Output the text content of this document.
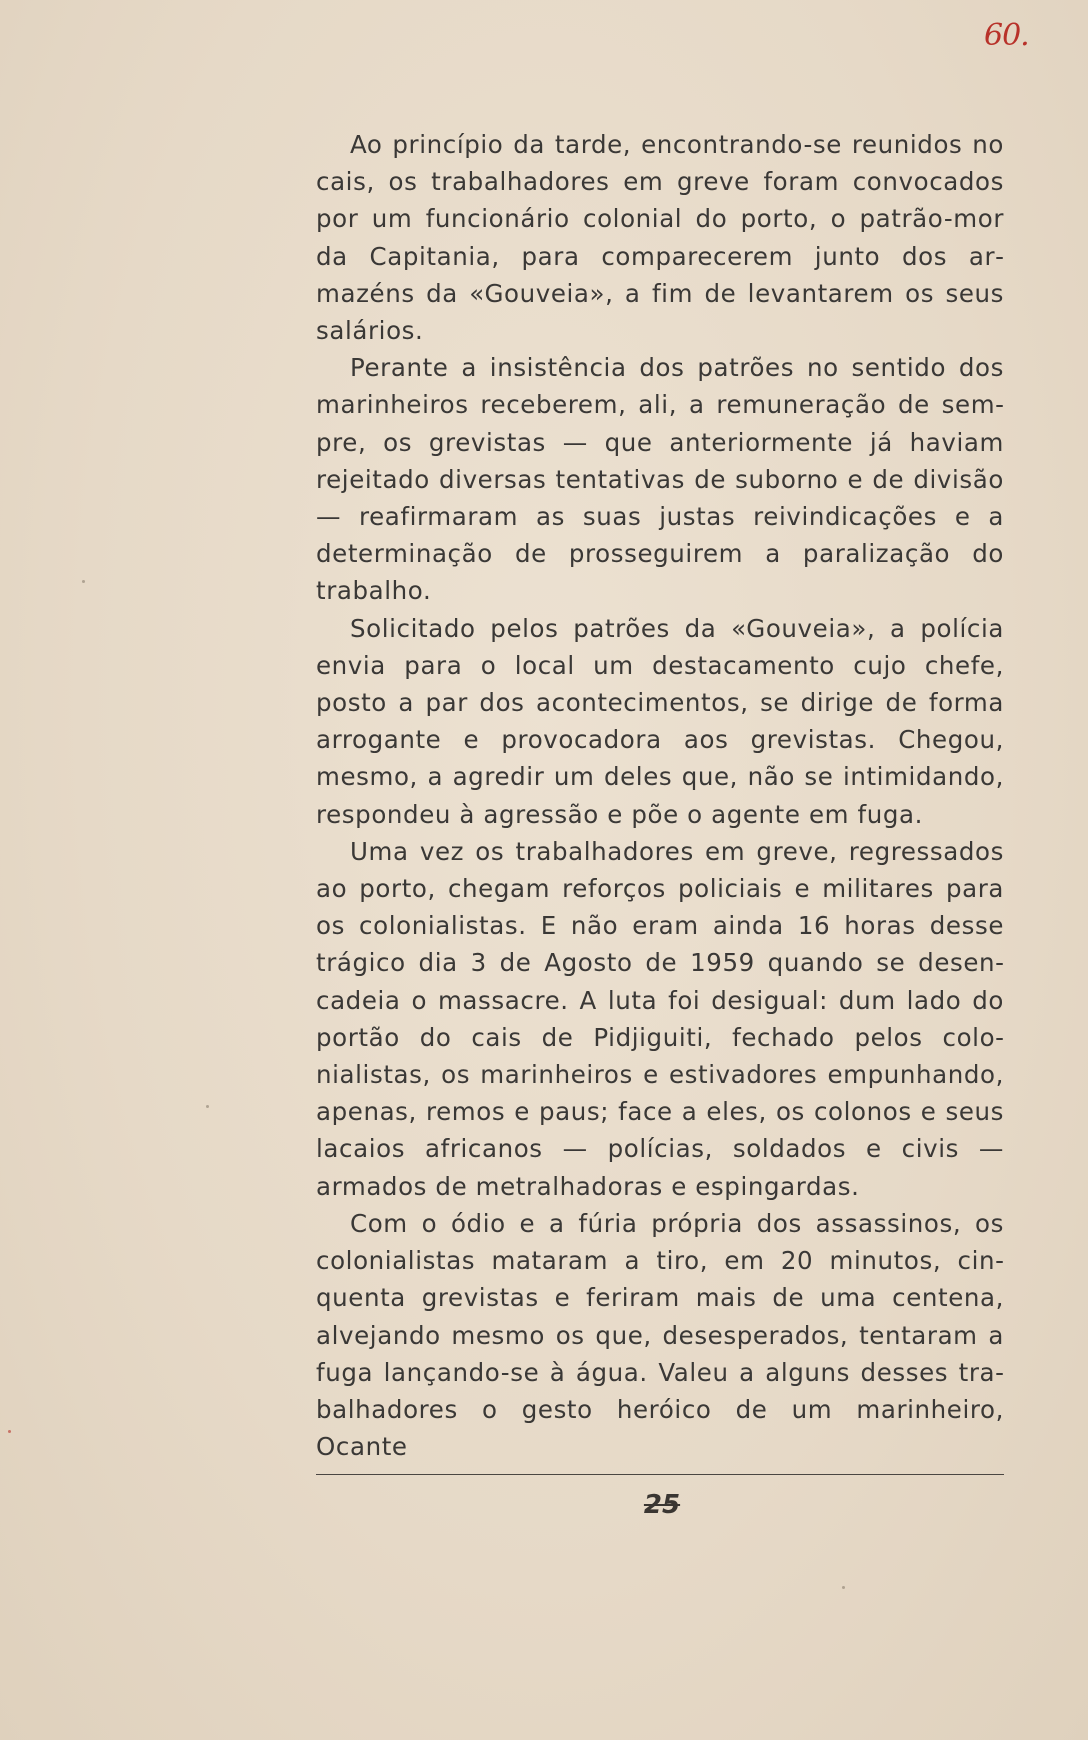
60.

Ao princípio da tarde, encontrando-se reunidos no cais, os trabalhadores em greve foram convocados por um funcionário colonial do porto, o patrão-mor da Capitania, para comparecerem junto dos armazéns da «Gouveia», a fim de levantarem os seus salários.

Perante a insistência dos patrões no sentido dos marinheiros receberem, ali, a remuneração de sempre, os grevistas — que anteriormente já haviam rejeitado diversas tentativas de suborno e de divisão — reafirmaram as suas justas reivindicações e a determinação de prosseguirem a paralização do trabalho.

Solicitado pelos patrões da «Gouveia», a polícia envia para o local um destacamento cujo chefe, posto a par dos acontecimentos, se dirige de forma arrogante e provocadora aos grevistas. Chegou, mesmo, a agredir um deles que, não se intimidando, respondeu à agressão e põe o agente em fuga.

Uma vez os trabalhadores em greve, regressados ao porto, chegam reforços policiais e militares para os colonialistas. E não eram ainda 16 horas desse trágico dia 3 de Agosto de 1959 quando se desencadeia o massacre. A luta foi desigual: dum lado do portão do cais de Pidjiguiti, fechado pelos colonialistas, os marinheiros e estivadores empunhando, apenas, remos e paus; face a eles, os colonos e seus lacaios africanos — polícias, soldados e civis — armados de metralhadoras e espingardas.

Com o ódio e a fúria própria dos assassinos, os colonialistas mataram a tiro, em 20 minutos, cinquenta grevistas e feriram mais de uma centena, alvejando mesmo os que, desesperados, tentaram a fuga lançando-se à água. Valeu a alguns desses trabalhadores o gesto heróico de um marinheiro, Ocante

25
